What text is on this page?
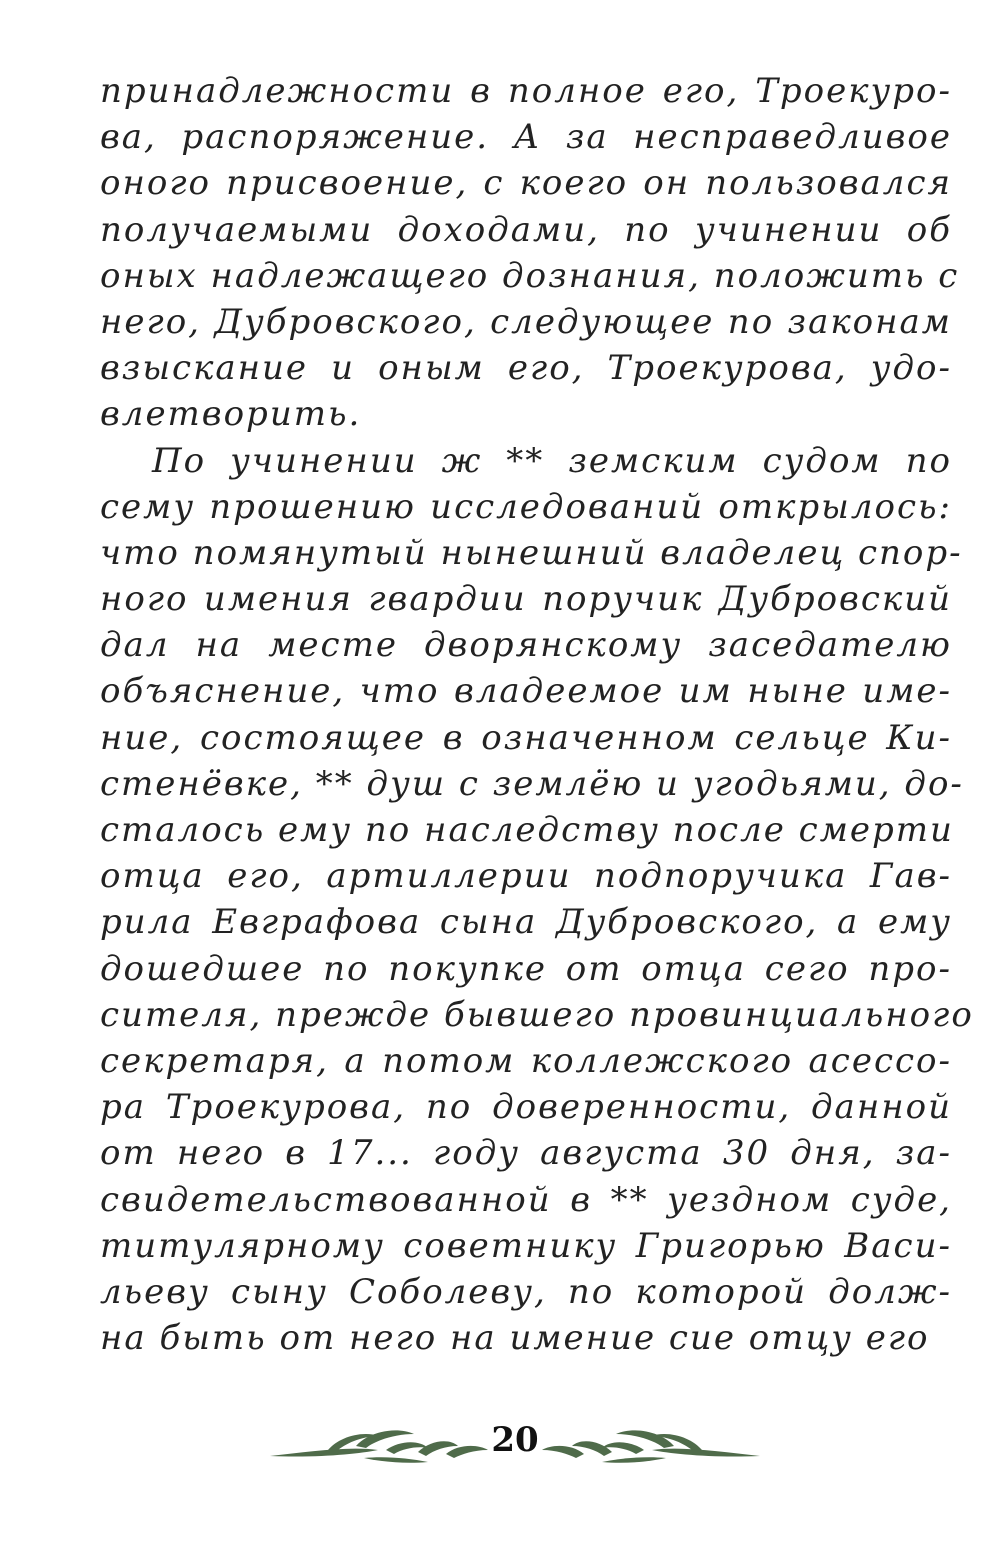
принадлежности в полное его, Троекуро-
ва, распоряжение. А за несправедливое
оного присвоение, с коего он пользовался
получаемыми доходами, по учинении об
оных надлежащего дознания, положить с
него, Дубровского, следующее по законам
взыскание и оным его, Троекурова, удо-
влетворить.
По учинении ж ** земским судом по
сему прошению исследований открылось:
что помянутый нынешний владелец спор-
ного имения гвардии поручик Дубровский
дал на месте дворянскому заседателю
объяснение, что владеемое им ныне име-
ние, состоящее в означенном сельце Ки-
стенёвке, ** душ с землёю и угодьями, до-
сталось ему по наследству после смерти
отца его, артиллерии подпоручика Гав-
рила Евграфова сына Дубровского, а ему
дошедшее по покупке от отца сего про-
сителя, прежде бывшего провинциального
секретаря, а потом коллежского асессо-
ра Троекурова, по доверенности, данной
от него в 17... году августа 30 дня, за-
свидетельствованной в ** уездном суде,
титулярному советнику Григорью Васи-
льеву сыну Соболеву, по которой долж-
на быть от него на имение сие отцу его
20
